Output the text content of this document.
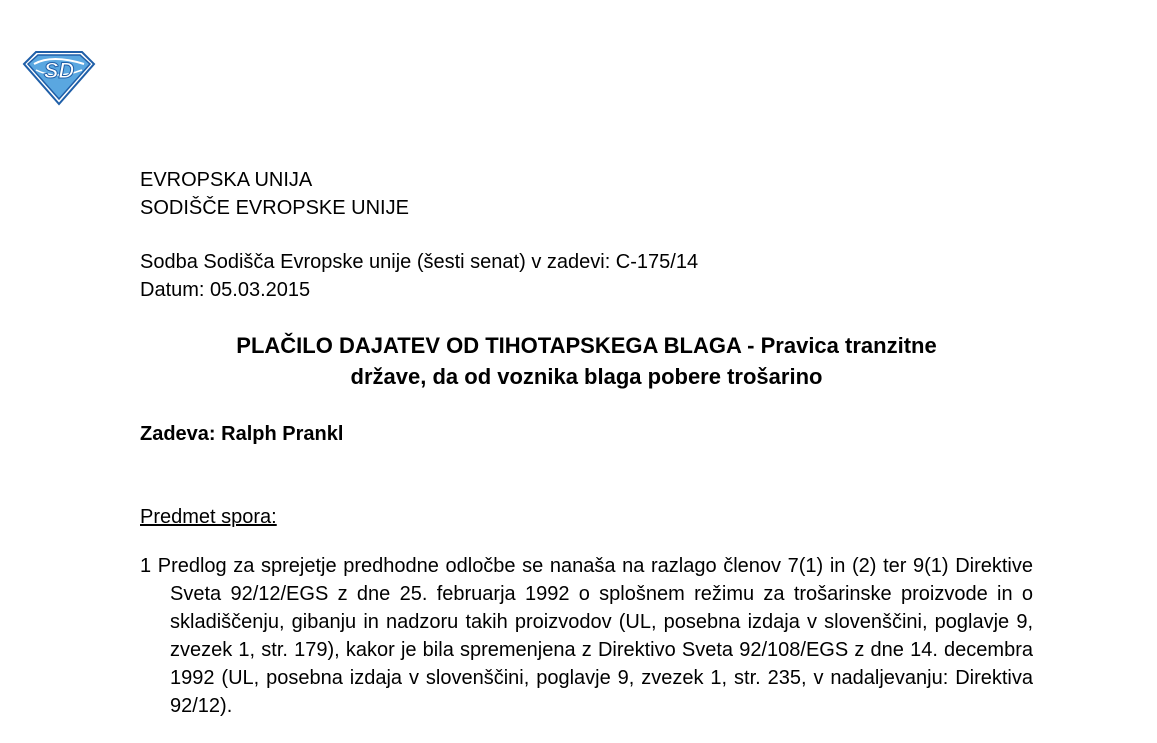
SD
EVROPSKA UNIJA
SODIŠČE EVROPSKE UNIJE
Sodba Sodišča Evropske unije (šesti senat) v zadevi: C-175/14
Datum: 05.03.2015
PLAČILO DAJATEV OD TIHOTAPSKEGA BLAGA - Pravica tranzitne
države, da od voznika blaga pobere trošarino
Zadeva: Ralph Prankl
Predmet spora:
1 Predlog za sprejetje predhodne odločbe se nanaša na razlago členov 7(1) in (2) ter 9(1) Direktive Sveta 92/12/EGS z dne 25. februarja 1992 o splošnem režimu za trošarinske proizvode in o skladiščenju, gibanju in nadzoru takih proizvodov (UL, posebna izdaja v slovenščini, poglavje 9, zvezek 1, str. 179), kakor je bila spremenjena z Direktivo Sveta 92/108/EGS z dne 14. decembra 1992 (UL, posebna izdaja v slovenščini, poglavje 9, zvezek 1, str. 235, v nadaljevanju: Direktiva 92/12).
